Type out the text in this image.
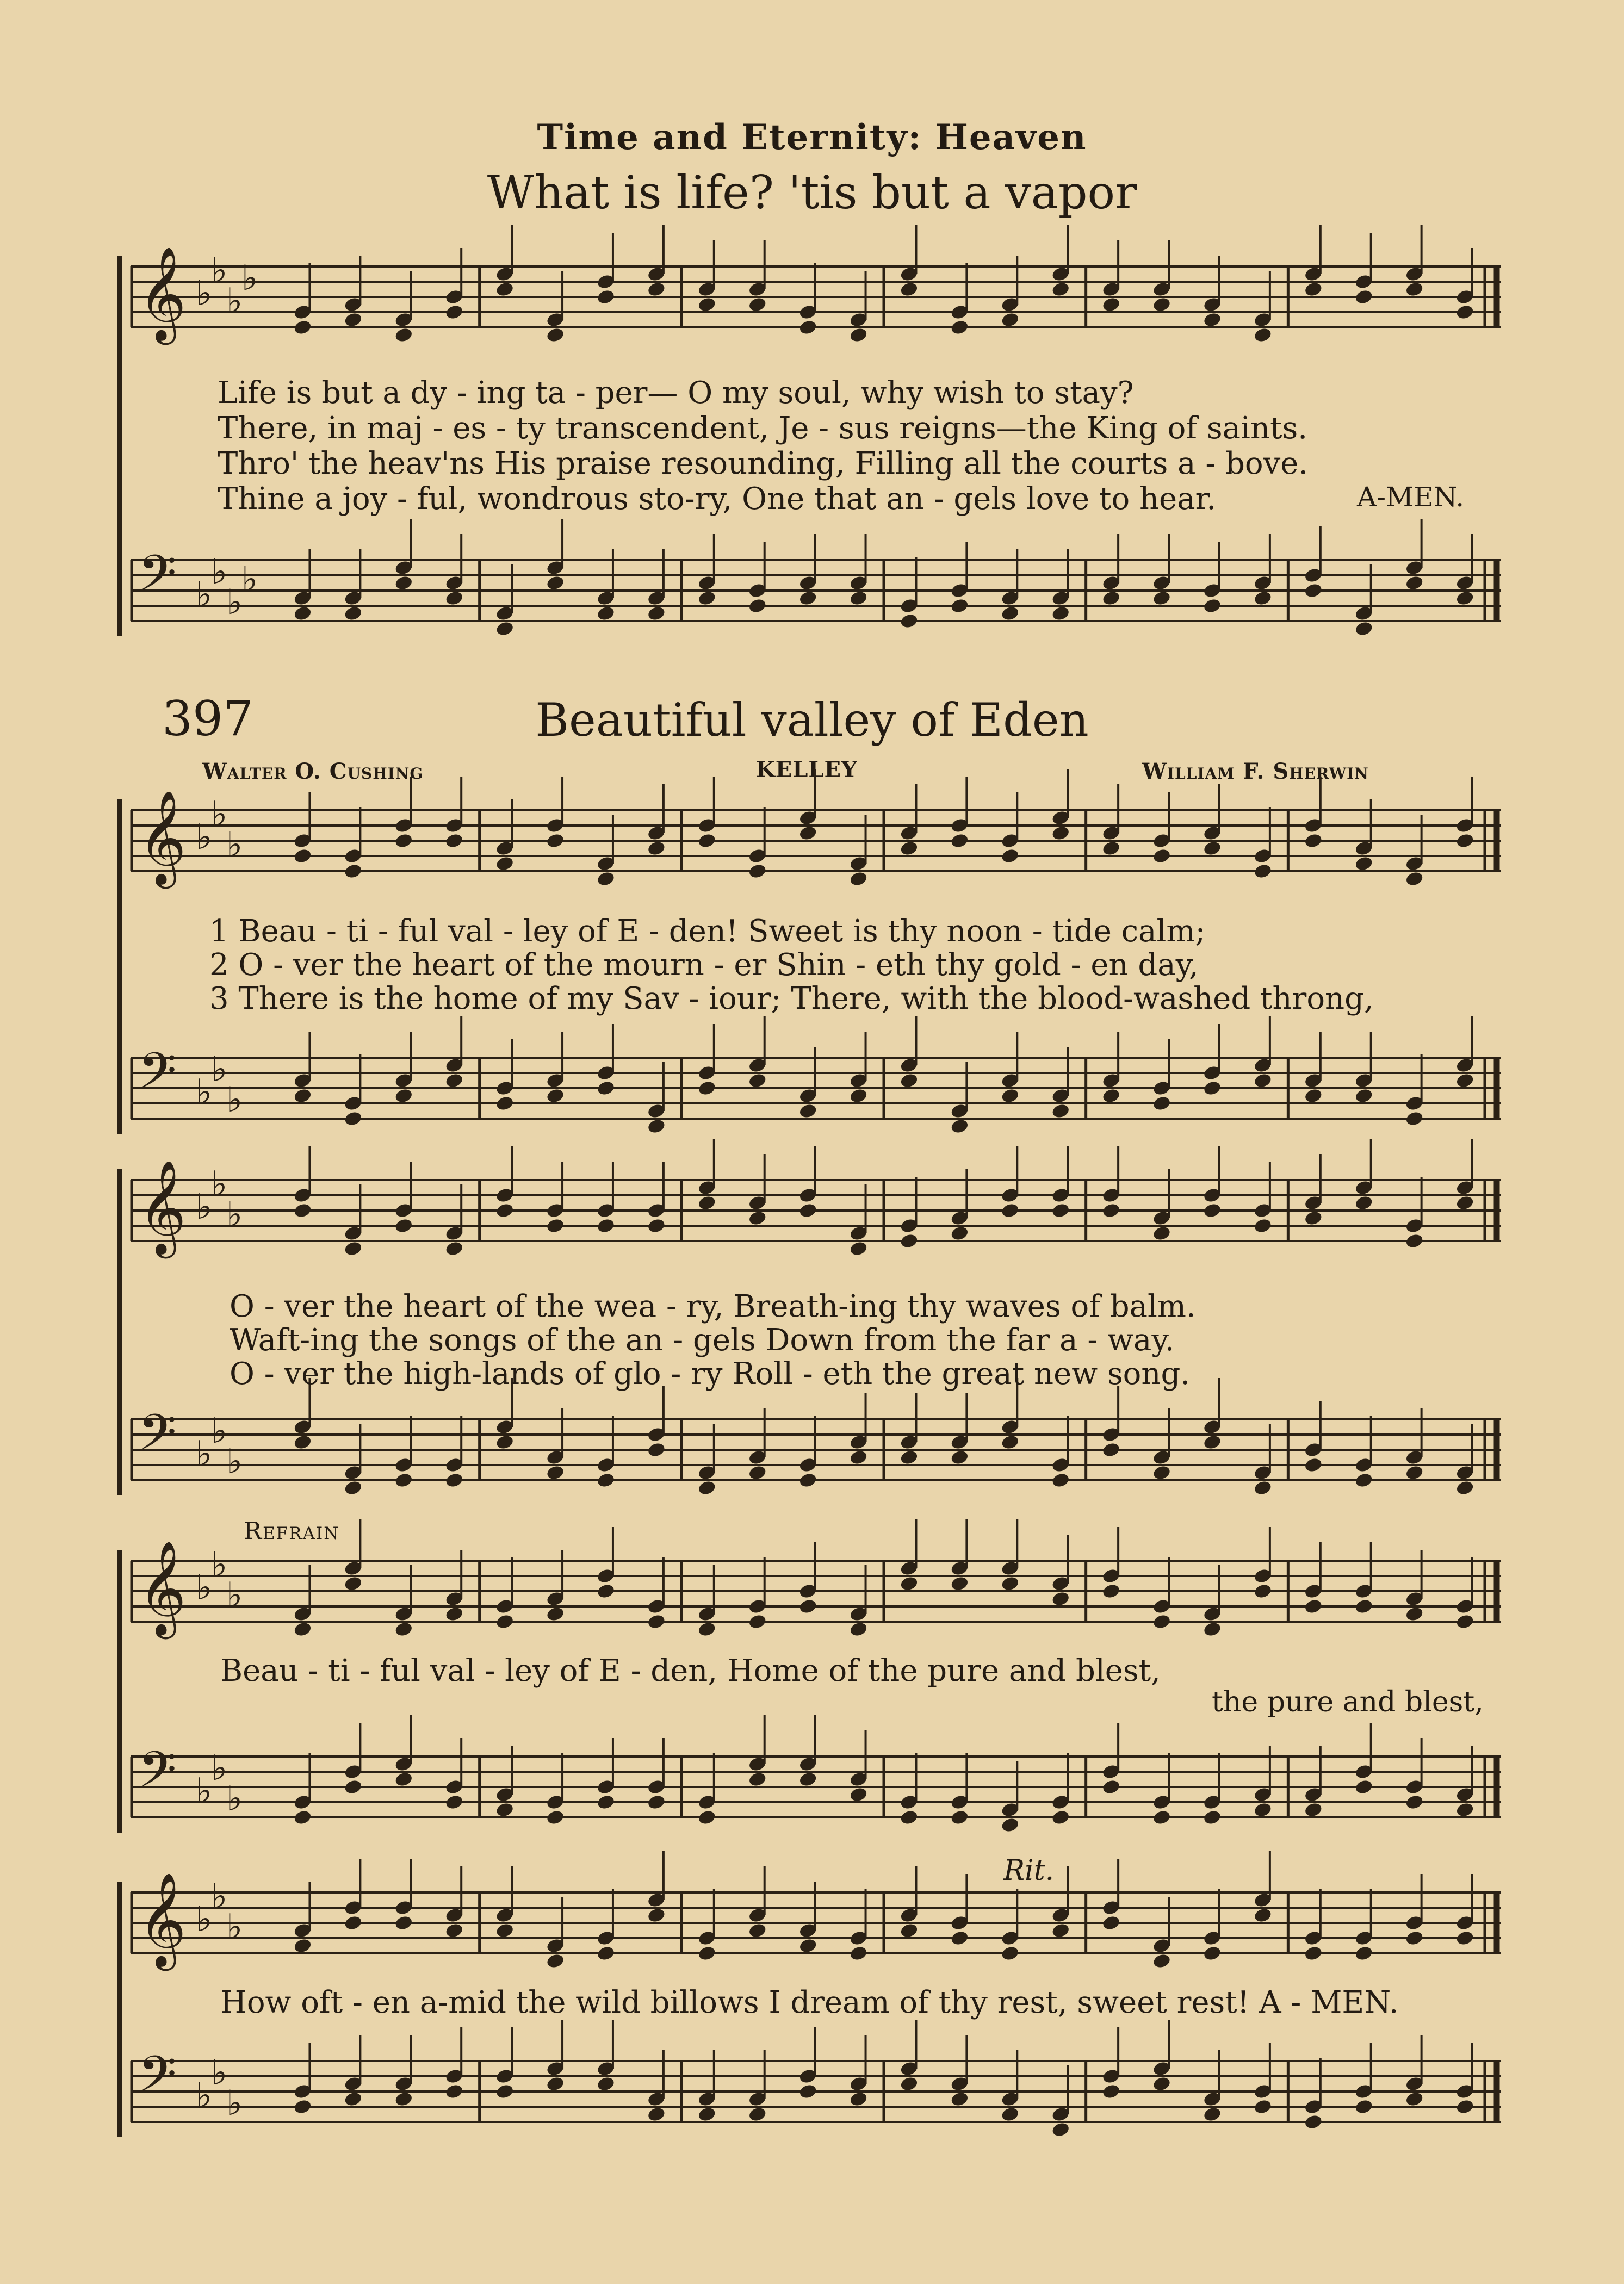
Time and Eternity: Heaven
What is life? 'tis but a vapor
𝄞 ♭
♭
♭
♭
𝄢 ♭
♭
♭
♭
Life is but a dy - ing ta - per— O my soul, why wish to stay?
There, in maj - es - ty transcendent, Je - sus reigns—the King of saints.
Thro' the heav'ns His praise resounding, Filling all the courts a - bove.
Thine a joy - ful, wondrous sto-ry, One that an - gels love to hear.	A-MEN.
397	Beautiful valley of Eden
Walter O. Cushing	KELLEY	William F. Sherwin
𝄞 ♭
♭
♭
𝄢 ♭
♭
♭
1 Beau - ti - ful val - ley of E - den! Sweet is thy noon - tide calm;
2 O - ver the heart of the mourn - er Shin - eth thy gold - en day,
3 There is the home of my Sav - iour; There, with the blood-washed throng,
𝄞 ♭
♭
♭
𝄢 ♭
♭
♭
O - ver the heart of the wea - ry, Breath-ing thy waves of balm.
Waft-ing the songs of the an - gels Down from the far a - way.
O - ver the high-lands of glo - ry Roll - eth the great new song.
Refrain
𝄞 ♭
♭
♭
𝄢 ♭
♭
♭
Beau - ti - ful val - ley of E - den, Home of the pure and blest,
the pure and blest,
Rit.
𝄞 ♭
♭
♭
𝄢 ♭
♭
♭
How oft - en a-mid the wild billows I dream of thy rest, sweet rest! A - MEN.
